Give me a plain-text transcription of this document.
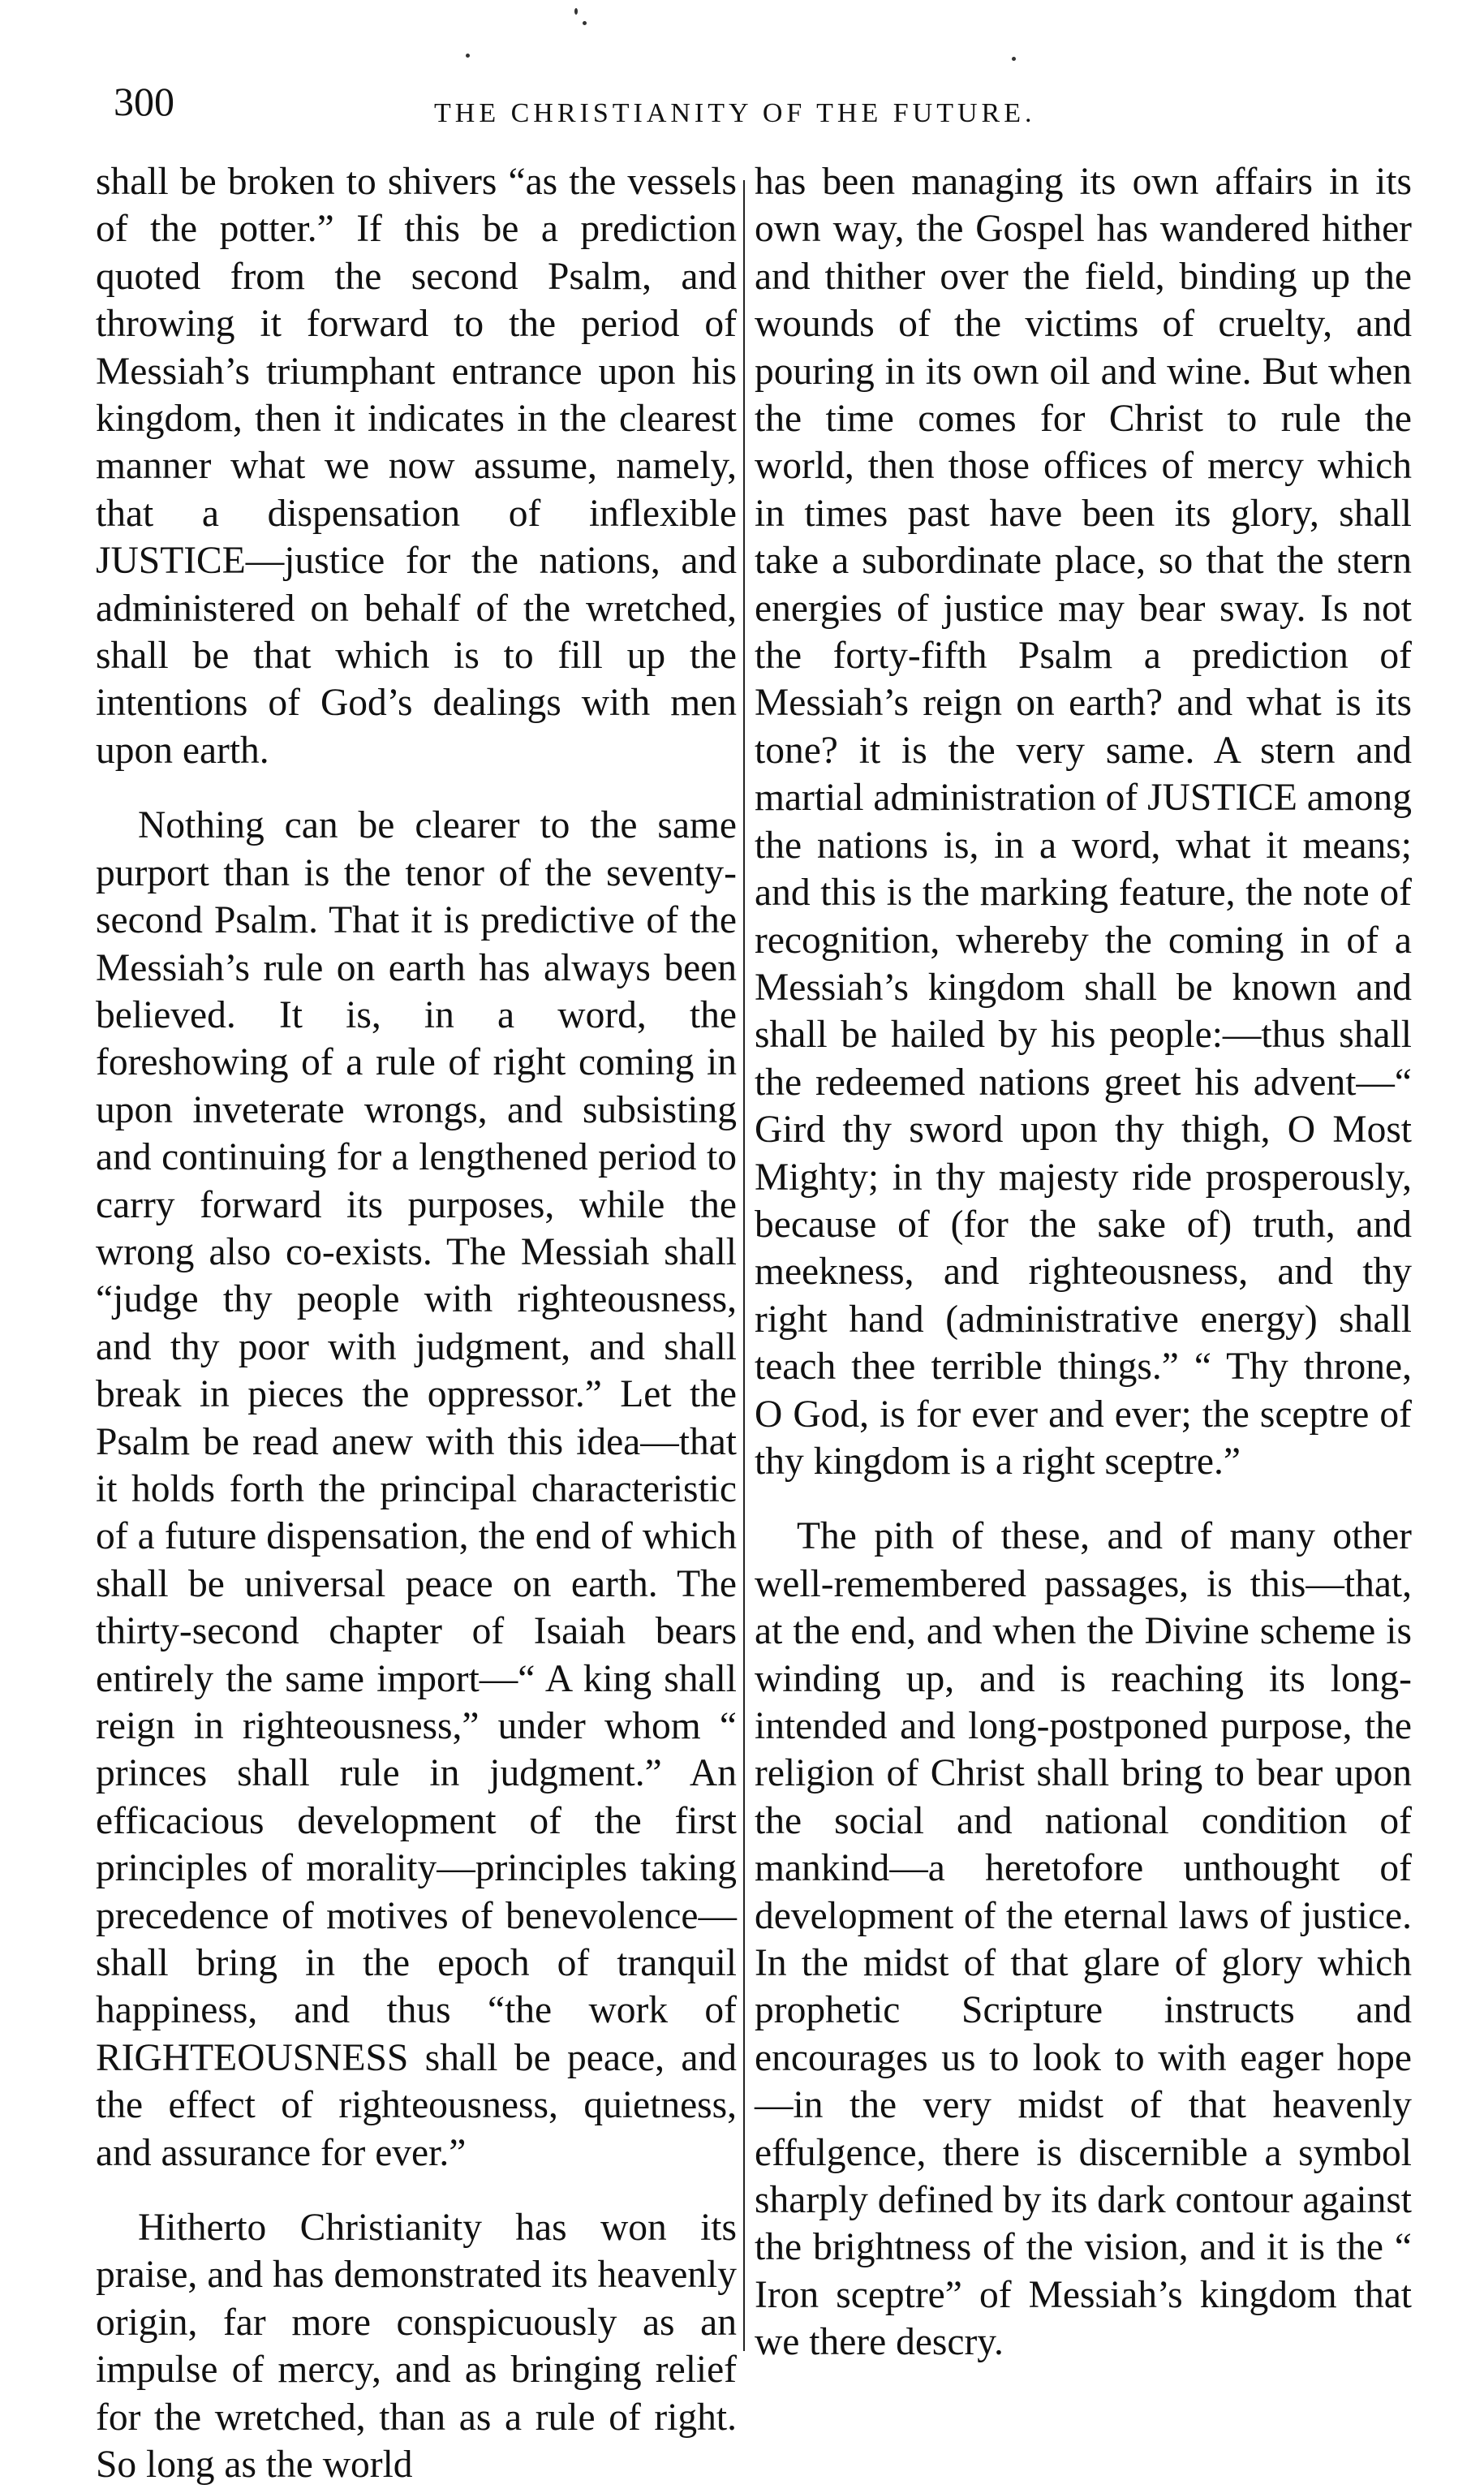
300	THE CHRISTIANITY OF THE FUTURE.

shall be broken to shivers “as the vessels of the potter.” If this be a prediction quoted from the second Psalm, and throwing it forward to the period of Messiah’s triumphant entrance upon his kingdom, then it indicates in the clearest manner what we now assume, namely, that a dispensation of inflexible JUSTICE—justice for the nations, and administered on behalf of the wretched, shall be that which is to fill up the intentions of God’s dealings with men upon earth.

Nothing can be clearer to the same purport than is the tenor of the seventy-second Psalm. That it is predictive of the Messiah’s rule on earth has always been believed. It is, in a word, the foreshowing of a rule of right coming in upon inveterate wrongs, and subsisting and continuing for a lengthened period to carry forward its purposes, while the wrong also co-exists. The Messiah shall “judge thy people with righteousness, and thy poor with judgment, and shall break in pieces the oppressor.” Let the Psalm be read anew with this idea—that it holds forth the principal characteristic of a future dispensation, the end of which shall be universal peace on earth. The thirty-second chapter of Isaiah bears entirely the same import—“ A king shall reign in righteousness,” under whom “ princes shall rule in judgment.” An efficacious development of the first principles of morality—principles taking precedence of motives of benevolence—shall bring in the epoch of tranquil happiness, and thus “the work of RIGHTEOUSNESS shall be peace, and the effect of righteousness, quietness, and assurance for ever.”

Hitherto Christianity has won its praise, and has demonstrated its heavenly origin, far more conspicuously as an impulse of mercy, and as bringing relief for the wretched, than as a rule of right. So long as the world

has been managing its own affairs in its own way, the Gospel has wandered hither and thither over the field, binding up the wounds of the victims of cruelty, and pouring in its own oil and wine. But when the time comes for Christ to rule the world, then those offices of mercy which in times past have been its glory, shall take a subordinate place, so that the stern energies of justice may bear sway. Is not the forty-fifth Psalm a prediction of Messiah’s reign on earth? and what is its tone? it is the very same. A stern and martial administration of JUSTICE among the nations is, in a word, what it means; and this is the marking feature, the note of recognition, whereby the coming in of a Messiah’s kingdom shall be known and shall be hailed by his people:—thus shall the redeemed nations greet his advent—“ Gird thy sword upon thy thigh, O Most Mighty; in thy majesty ride prosperously, because of (for the sake of) truth, and meekness, and righteousness, and thy right hand (administrative energy) shall teach thee terrible things.” “ Thy throne, O God, is for ever and ever; the sceptre of thy kingdom is a right sceptre.”

The pith of these, and of many other well-remembered passages, is this—that, at the end, and when the Divine scheme is winding up, and is reaching its long-intended and long-postponed purpose, the religion of Christ shall bring to bear upon the social and national condition of mankind—a heretofore unthought of development of the eternal laws of justice. In the midst of that glare of glory which prophetic Scripture instructs and encourages us to look to with eager hope—in the very midst of that heavenly effulgence, there is discernible a symbol sharply defined by its dark contour against the brightness of the vision, and it is the “ Iron sceptre” of Messiah’s kingdom that we there descry.
